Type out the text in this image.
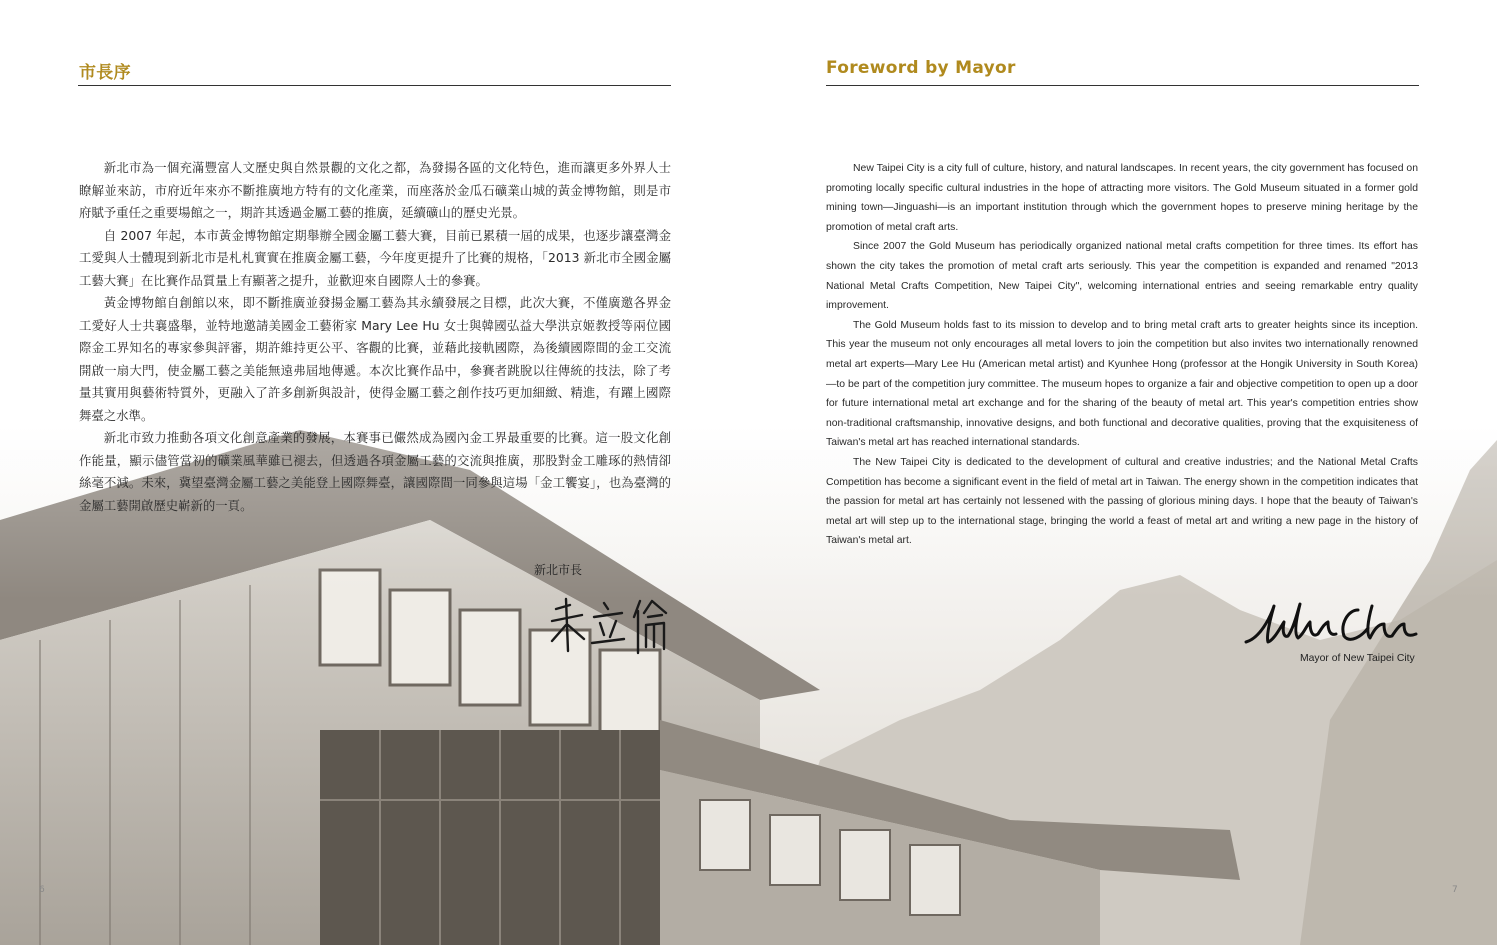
市長序

新北市為一個充滿豐富人文歷史與自然景觀的文化之都，為發揚各區的文化特色，進而讓更多外界人士瞭解並來訪，市府近年來亦不斷推廣地方特有的文化產業，而座落於金瓜石礦業山城的黃金博物館，則是市府賦予重任之重要場館之一，期許其透過金屬工藝的推廣，延續礦山的歷史光景。

自 2007 年起，本市黃金博物館定期舉辦全國金屬工藝大賽，目前已累積一屆的成果，也逐步讓臺灣金工愛與人士體現到新北市是札札實實在推廣金屬工藝，今年度更提升了比賽的規格，「2013 新北市全國金屬工藝大賽」在比賽作品質量上有顯著之提升，並歡迎來自國際人士的參賽。

黃金博物館自創館以來，即不斷推廣並發揚金屬工藝為其永續發展之目標，此次大賽，不僅廣邀各界金工愛好人士共襄盛舉，並特地邀請美國金工藝術家 Mary Lee Hu 女士與韓國弘益大學洪京姬教授等兩位國際金工界知名的專家參與評審，期許維持更公平、客觀的比賽，並藉此接軌國際，為後續國際間的金工交流開啟一扇大門，使金屬工藝之美能無遠弗屆地傳遞。本次比賽作品中，參賽者跳脫以往傳統的技法，除了考量其實用與藝術特質外，更融入了許多創新與設計，使得金屬工藝之創作技巧更加細緻、精進，有躍上國際舞臺之水準。

新北市致力推動各項文化創意產業的發展，本賽事已儼然成為國內金工界最重要的比賽。這一股文化創作能量，顯示儘管當初的礦業風華雖已褪去，但透過各項金屬工藝的交流與推廣，那股對金工雕琢的熱情卻絲毫不減。未來，冀望臺灣金屬工藝之美能登上國際舞臺，讓國際間一同參與這場「金工饗宴」，也為臺灣的金屬工藝開啟歷史嶄新的一頁。

新北市長
6
Foreword by Mayor

New Taipei City is a city full of culture, history, and natural landscapes. In recent years, the city government has focused on promoting locally specific cultural industries in the hope of attracting more visitors. The Gold Museum situated in a former gold mining town—Jinguashi—is an important institution through which the government hopes to preserve mining heritage by the promotion of metal craft arts.

Since 2007 the Gold Museum has periodically organized national metal crafts competition for three times. Its effort has shown the city takes the promotion of metal craft arts seriously. This year the competition is expanded and renamed "2013 National Metal Crafts Competition, New Taipei City", welcoming international entries and seeing remarkable entry quality improvement.

The Gold Museum holds fast to its mission to develop and to bring metal craft arts to greater heights since its inception. This year the museum not only encourages all metal lovers to join the competition but also invites two internationally renowned metal art experts—Mary Lee Hu (American metal artist) and Kyunhee Hong (professor at the Hongik University in South Korea)—to be part of the competition jury committee. The museum hopes to organize a fair and objective competition to open up a door for future international metal art exchange and for the sharing of the beauty of metal art. This year's competition entries show non-traditional craftsmanship, innovative designs, and both functional and decorative qualities, proving that the exquisiteness of Taiwan's metal art has reached international standards.

The New Taipei City is dedicated to the development of cultural and creative industries; and the National Metal Crafts Competition has become a significant event in the field of metal art in Taiwan. The energy shown in the competition indicates that the passion for metal art has certainly not lessened with the passing of glorious mining days. I hope that the beauty of Taiwan's metal art will step up to the international stage, bringing the world a feast of metal art and writing a new page in the history of Taiwan's metal art.

Mayor of New Taipei City
7
